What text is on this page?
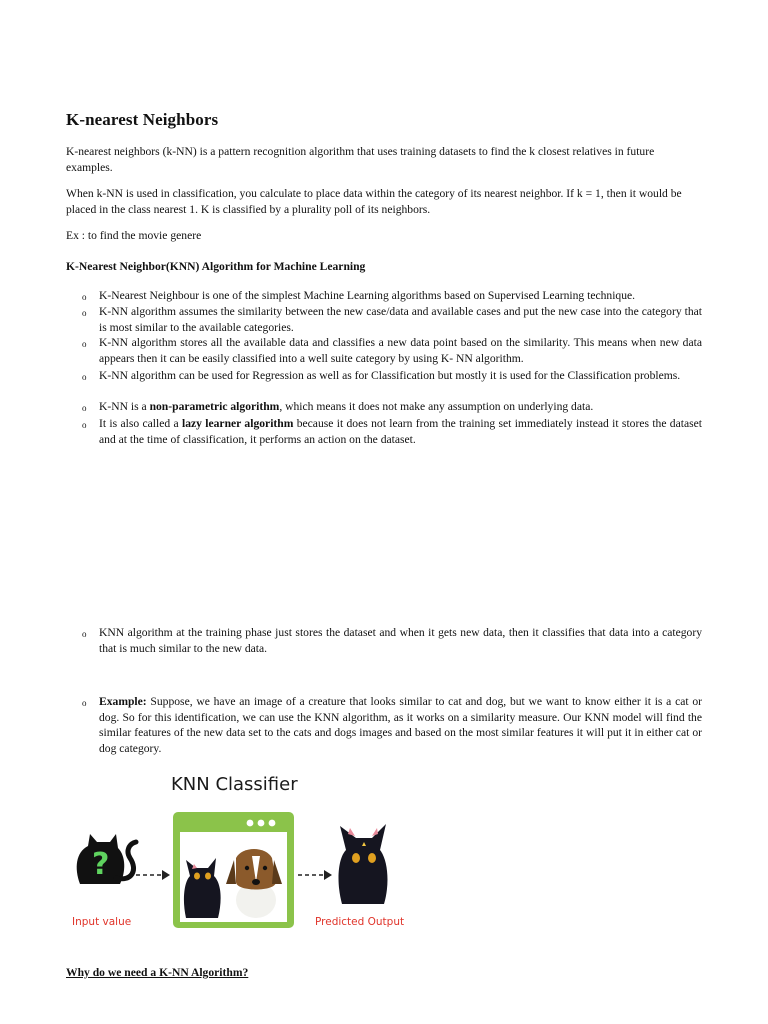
K-nearest Neighbors

K-nearest neighbors (k-NN) is a pattern recognition algorithm that uses training datasets to find the k closest relatives in future examples.

When k-NN is used in classification, you calculate to place data within the category of its nearest neighbor. If k = 1, then it would be placed in the class nearest 1. K is classified by a plurality poll of its neighbors.

Ex : to find the movie genere

K-Nearest Neighbor(KNN) Algorithm for Machine Learning

o K-Nearest Neighbour is one of the simplest Machine Learning algorithms based on Supervised Learning technique.
o K-NN algorithm assumes the similarity between the new case/data and available cases and put the new case into the category that is most similar to the available categories.
o K-NN algorithm stores all the available data and classifies a new data point based on the similarity. This means when new data appears then it can be easily classified into a well suite category by using K- NN algorithm.
o K-NN algorithm can be used for Regression as well as for Classification but mostly it is used for the Classification problems.
o K-NN is a non-parametric algorithm, which means it does not make any assumption on underlying data.
o It is also called a lazy learner algorithm because it does not learn from the training set immediately instead it stores the dataset and at the time of classification, it performs an action on the dataset.
o KNN algorithm at the training phase just stores the dataset and when it gets new data, then it classifies that data into a category that is much similar to the new data.
o Example: Suppose, we have an image of a creature that looks similar to cat and dog, but we want to know either it is a cat or dog. So for this identification, we can use the KNN algorithm, as it works on a similarity measure. Our KNN model will find the similar features of the new data set to the cats and dogs images and based on the most similar features it will put it in either cat or dog category.

Why do we need a K-NN Algorithm?

KNN Classifier
?
Input value	Predicted Output
